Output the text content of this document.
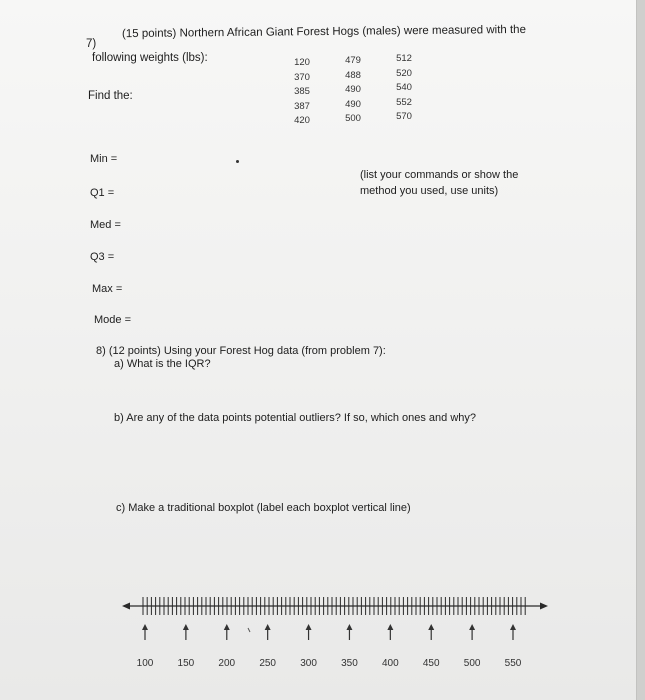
7)
(15 points) Northern African Giant Forest Hogs (males) were measured with the
following weights (lbs):
Find the:
120
370
385
387
420
479
488
490
490
500
512
520
540
552
570
Min =
Q1 =
Med =
Q3 =
Max =
Mode =
(list your commands or show the
method you used, use units)
8) (12 points) Using your Forest Hog data (from problem 7):
a) What is the IQR?
b) Are any of the data points potential outliers? If so, which ones and why?
c) Make a traditional boxplot (label each boxplot vertical line)
100 150 200 250 300 350 400 450 500 550
